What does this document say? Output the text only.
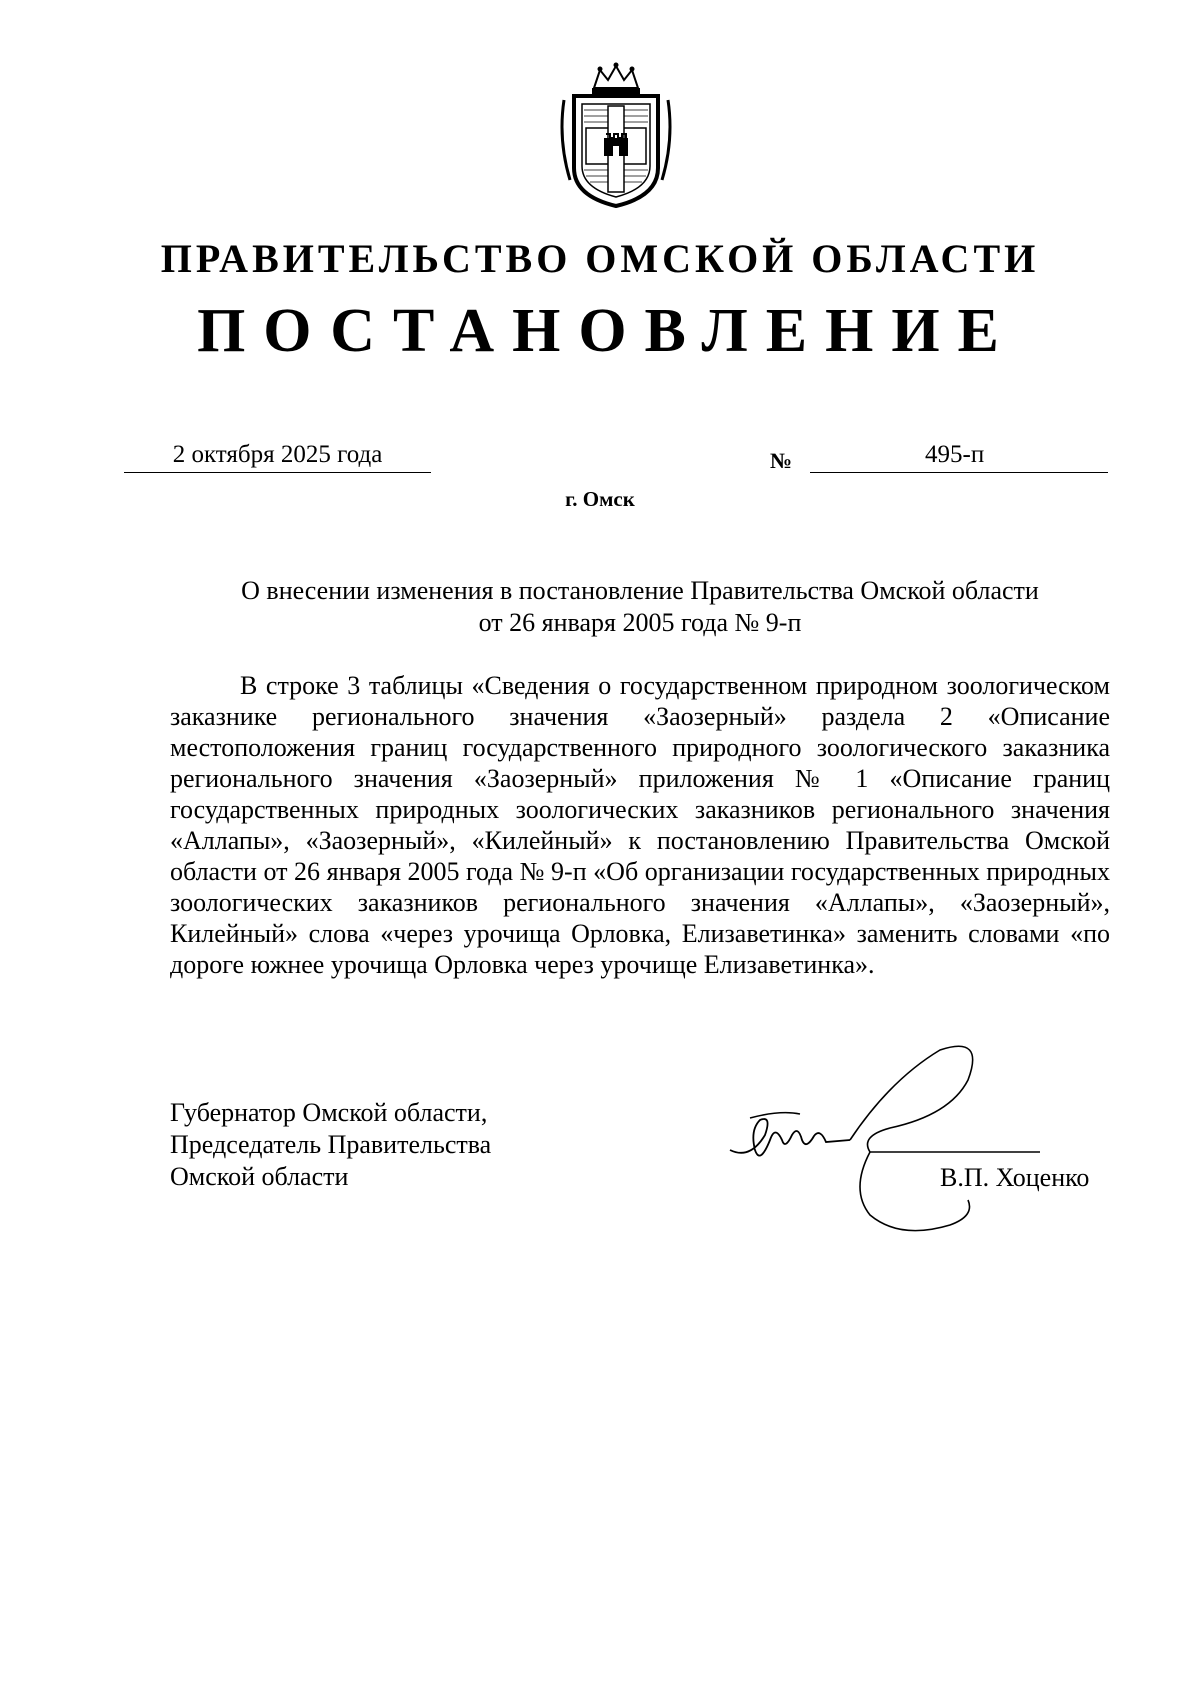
ПРАВИТЕЛЬСТВО ОМСКОЙ ОБЛАСТИ
ПОСТАНОВЛЕНИЕ
2 октября 2025 года	№	495-п
г. Омск
О внесении изменения в постановление Правительства Омской области
от 26 января 2005 года № 9-п
В строке 3 таблицы «Сведения о государственном природном зоологическом заказнике регионального значения «Заозерный» раздела 2 «Описание местоположения границ государственного природного зоологического заказника регионального значения «Заозерный» приложения № 1 «Описание границ государственных природных зоологических заказников регионального значения «Аллапы», «Заозерный», «Килейный» к постановлению Правительства Омской области от 26 января 2005 года № 9-п «Об организации государственных природных зоологических заказников регионального значения «Аллапы», «Заозерный», Килейный» слова «через урочища Орловка, Елизаветинка» заменить словами «по дороге южнее урочища Орловка через урочище Елизаветинка».
Губернатор Омской области,
Председатель Правительства
Омской области	В.П. Хоценко
